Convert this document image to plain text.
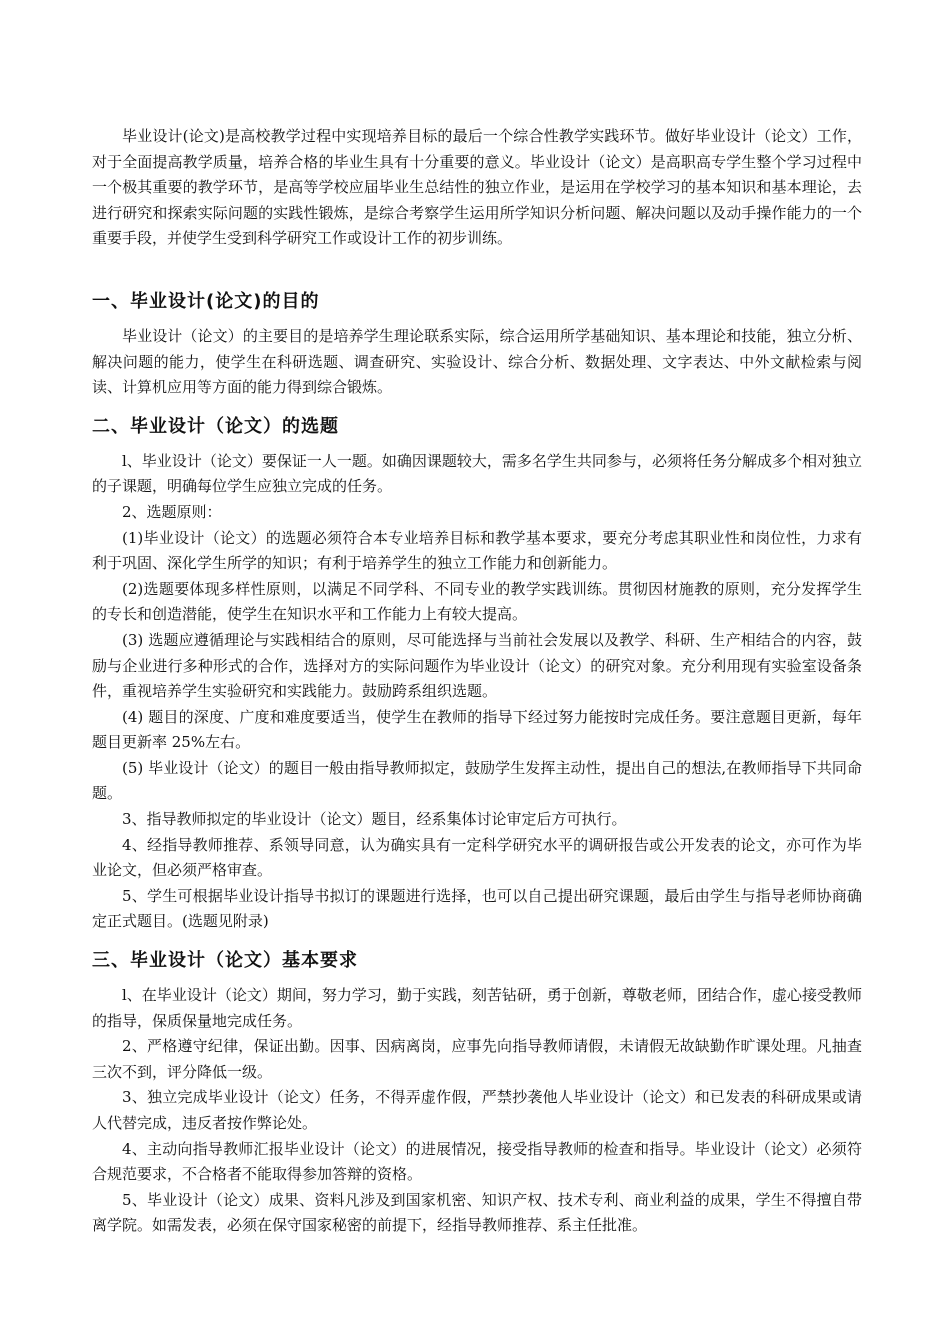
毕业设计(论文)是高校教学过程中实现培养目标的最后一个综合性教学实践环节。做好毕业设计（论文）工作，对于全面提高教学质量，培养合格的毕业生具有十分重要的意义。毕业设计（论文）是高职高专学生整个学习过程中一个极其重要的教学环节，是高等学校应届毕业生总结性的独立作业，是运用在学校学习的基本知识和基本理论，去进行研究和探索实际问题的实践性锻炼，是综合考察学生运用所学知识分析问题、解决问题以及动手操作能力的一个重要手段，并使学生受到科学研究工作或设计工作的初步训练。

一、毕业设计(论文)的目的

毕业设计（论文）的主要目的是培养学生理论联系实际，综合运用所学基础知识、基本理论和技能，独立分析、解决问题的能力，使学生在科研选题、调查研究、实验设计、综合分析、数据处理、文字表达、中外文献检索与阅读、计算机应用等方面的能力得到综合锻炼。

二、毕业设计（论文）的选题

l、毕业设计（论文）要保证一人一题。如确因课题较大，需多名学生共同参与，必须将任务分解成多个相对独立的子课题，明确每位学生应独立完成的任务。

2、选题原则：

(1)毕业设计（论文）的选题必须符合本专业培养目标和教学基本要求，要充分考虑其职业性和岗位性，力求有利于巩固、深化学生所学的知识；有利于培养学生的独立工作能力和创新能力。

(2)选题要体现多样性原则，以满足不同学科、不同专业的教学实践训练。贯彻因材施教的原则，充分发挥学生的专长和创造潜能，使学生在知识水平和工作能力上有较大提高。

(3) 选题应遵循理论与实践相结合的原则，尽可能选择与当前社会发展以及教学、科研、生产相结合的内容，鼓励与企业进行多种形式的合作，选择对方的实际问题作为毕业设计（论文）的研究对象。充分利用现有实验室设备条件，重视培养学生实验研究和实践能力。鼓励跨系组织选题。

(4) 题目的深度、广度和难度要适当，使学生在教师的指导下经过努力能按时完成任务。要注意题目更新，每年题目更新率 25%左右。

(5) 毕业设计（论文）的题目一般由指导教师拟定，鼓励学生发挥主动性，提出自己的想法,在教师指导下共同命题。

3、指导教师拟定的毕业设计（论文）题目，经系集体讨论审定后方可执行。

4、经指导教师推荐、系领导同意，认为确实具有一定科学研究水平的调研报告或公开发表的论文，亦可作为毕业论文，但必须严格审查。

5、学生可根据毕业设计指导书拟订的课题进行选择，也可以自己提出研究课题，最后由学生与指导老师协商确定正式题目。(选题见附录)

三、毕业设计（论文）基本要求

l、在毕业设计（论文）期间，努力学习，勤于实践，刻苦钻研，勇于创新，尊敬老师，团结合作，虚心接受教师的指导，保质保量地完成任务。

2、严格遵守纪律，保证出勤。因事、因病离岗，应事先向指导教师请假，未请假无故缺勤作旷课处理。凡抽查三次不到，评分降低一级。

3、独立完成毕业设计（论文）任务，不得弄虚作假，严禁抄袭他人毕业设计（论文）和已发表的科研成果或请人代替完成，违反者按作弊论处。

4、主动向指导教师汇报毕业设计（论文）的进展情况，接受指导教师的检查和指导。毕业设计（论文）必须符合规范要求，不合格者不能取得参加答辩的资格。

5、毕业设计（论文）成果、资料凡涉及到国家机密、知识产权、技术专利、商业利益的成果，学生不得擅自带离学院。如需发表，必须在保守国家秘密的前提下，经指导教师推荐、系主任批准。
